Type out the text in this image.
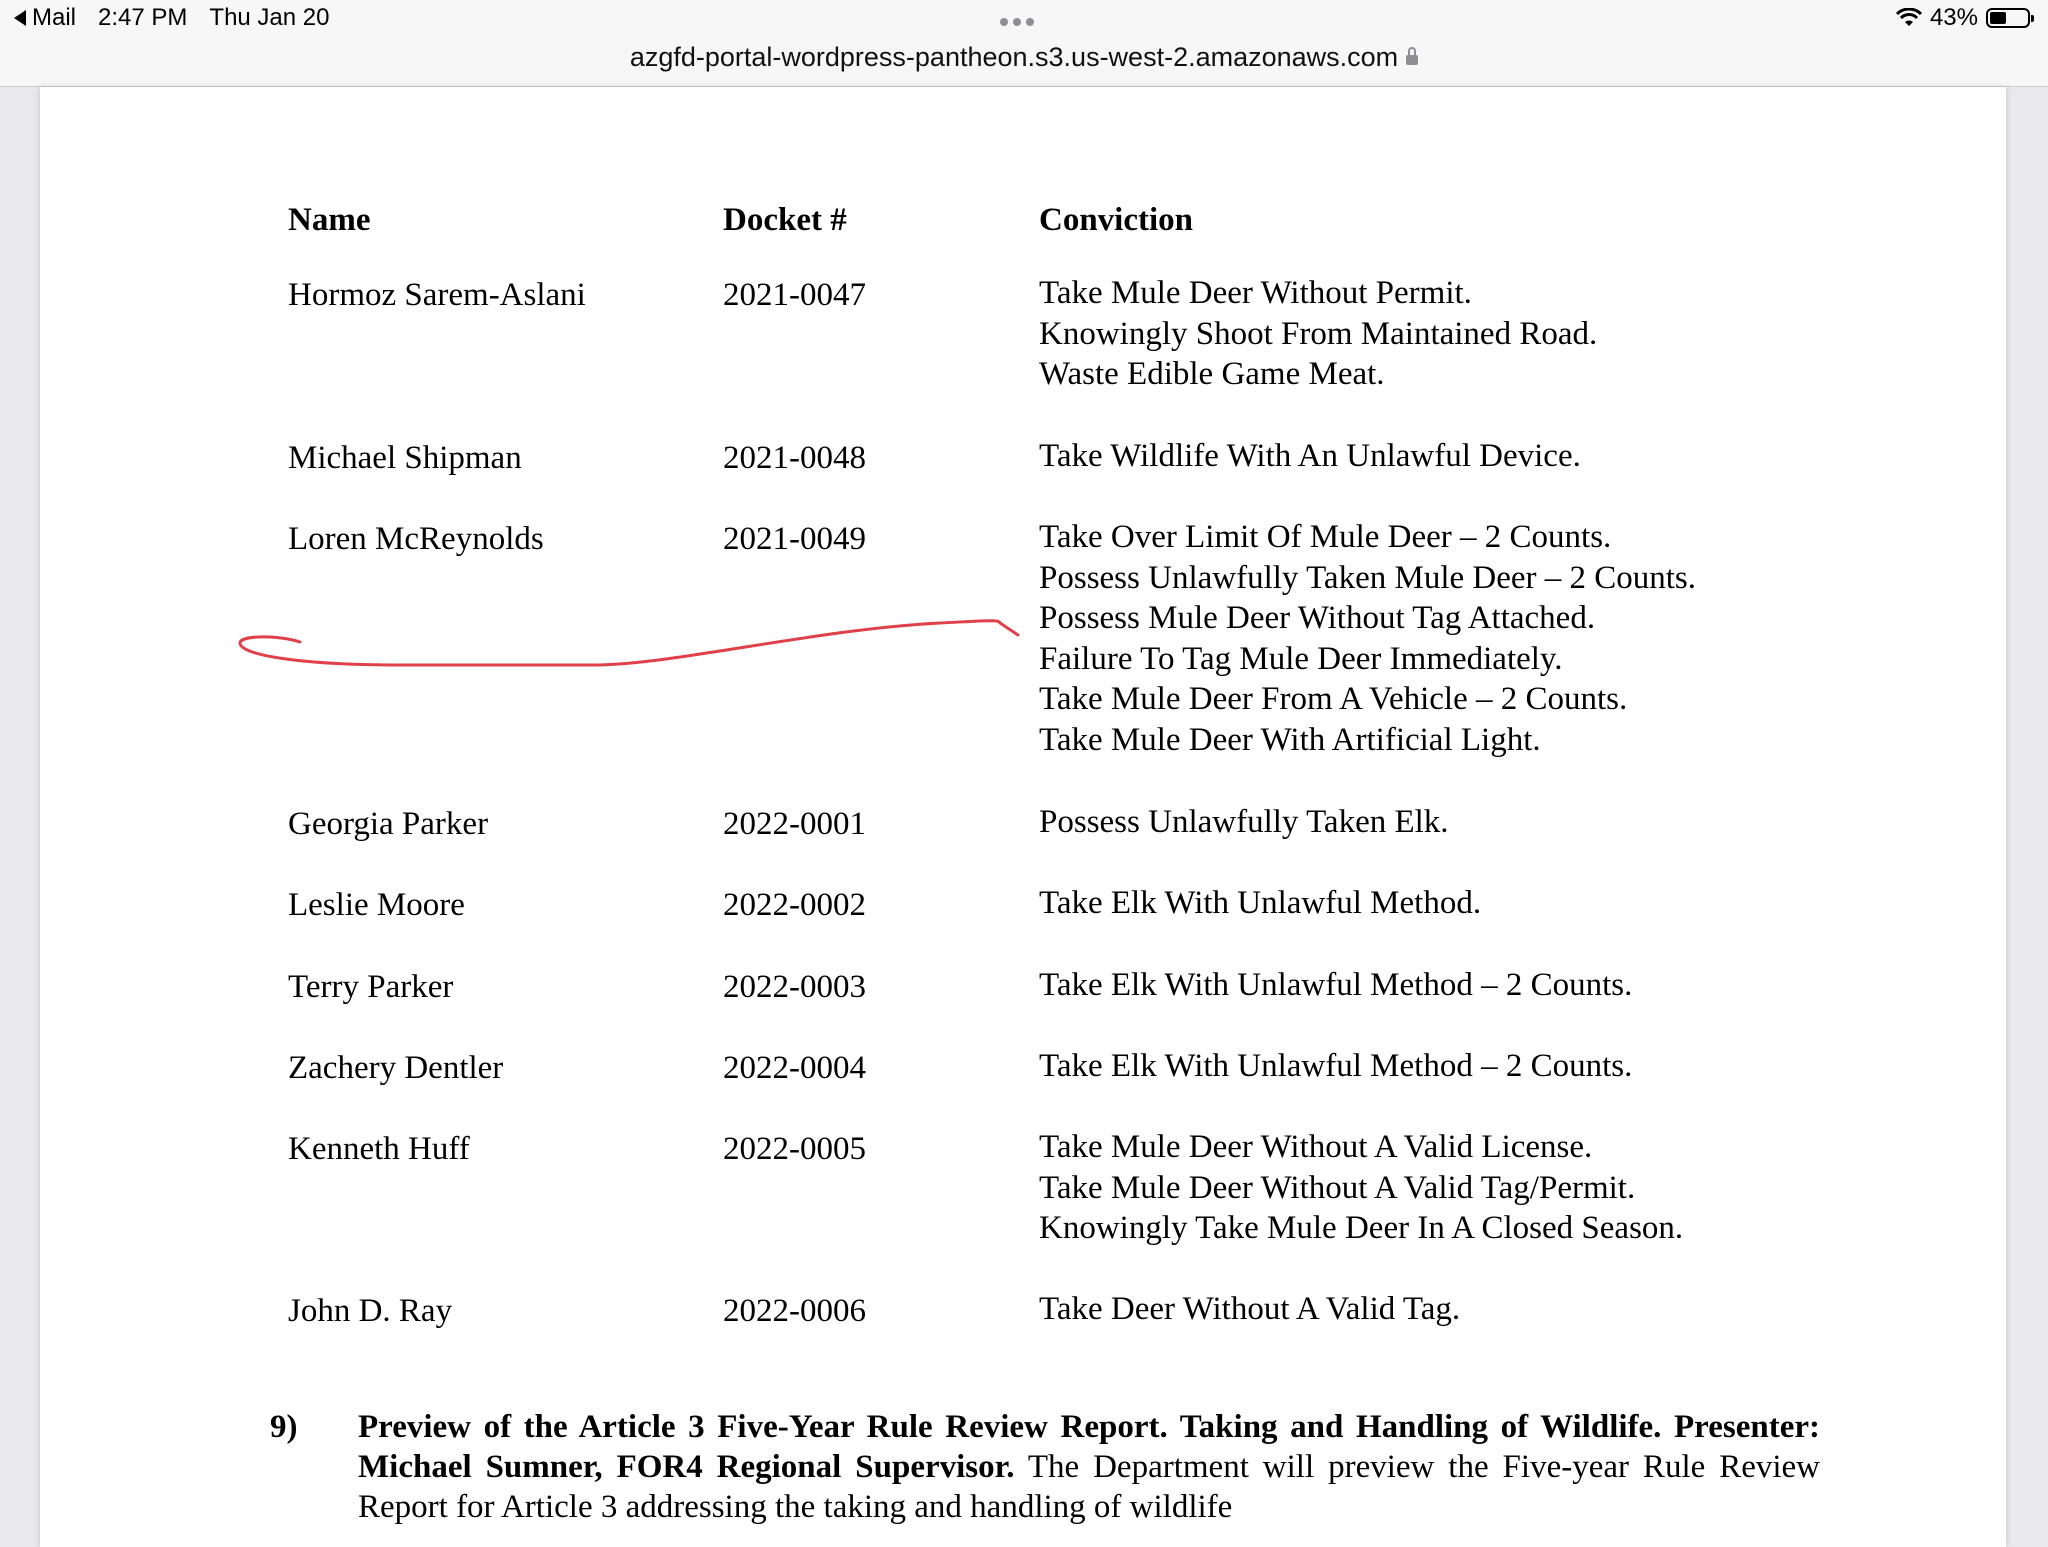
Mail 2:47 PM Thu Jan 20
azgfd-portal-wordpress-pantheon.s3.us-west-2.amazonaws.com
43%
Name	Docket #	Conviction
Hormoz Sarem-Aslani	2021-0047	Take Mule Deer Without Permit.
Knowingly Shoot From Maintained Road.
Waste Edible Game Meat.
Michael Shipman	2021-0048	Take Wildlife With An Unlawful Device.
Loren McReynolds	2021-0049	Take Over Limit Of Mule Deer – 2 Counts.
Possess Unlawfully Taken Mule Deer – 2 Counts.
Possess Mule Deer Without Tag Attached.
Failure To Tag Mule Deer Immediately.
Take Mule Deer From A Vehicle – 2 Counts.
Take Mule Deer With Artificial Light.
Georgia Parker	2022-0001	Possess Unlawfully Taken Elk.
Leslie Moore	2022-0002	Take Elk With Unlawful Method.
Terry Parker	2022-0003	Take Elk With Unlawful Method – 2 Counts.
Zachery Dentler	2022-0004	Take Elk With Unlawful Method – 2 Counts.
Kenneth Huff	2022-0005	Take Mule Deer Without A Valid License.
Take Mule Deer Without A Valid Tag/Permit.
Knowingly Take Mule Deer In A Closed Season.
John D. Ray	2022-0006	Take Deer Without A Valid Tag.
9) Preview of the Article 3 Five-Year Rule Review Report. Taking and Handling of Wildlife. Presenter: Michael Sumner, FOR4 Regional Supervisor. The Department will preview the Five-year Rule Review Report for Article 3 addressing the taking and handling of wildlife
